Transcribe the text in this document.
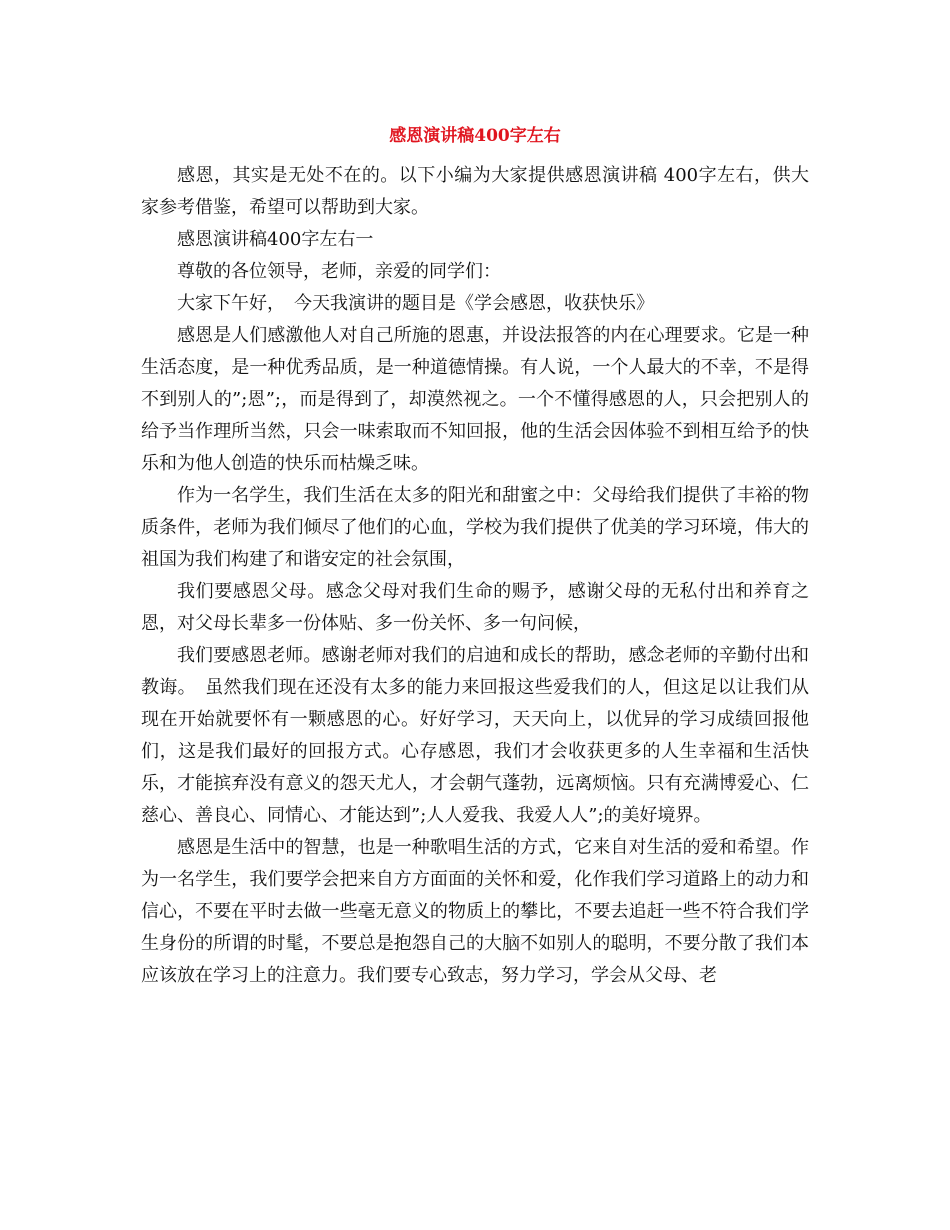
感恩演讲稿400字左右

感恩，其实是无处不在的。以下小编为大家提供感恩演讲稿 400字左右，供大家参考借鉴，希望可以帮助到大家。

感恩演讲稿400字左右一

尊敬的各位领导，老师，亲爱的同学们：

大家下午好，　今天我演讲的题目是《学会感恩，收获快乐》

感恩是人们感激他人对自己所施的恩惠，并设法报答的内在心理要求。它是一种生活态度，是一种优秀品质，是一种道德情操。有人说，一个人最大的不幸，不是得不到别人的”;恩”;，而是得到了，却漠然视之。一个不懂得感恩的人，只会把别人的给予当作理所当然，只会一味索取而不知回报，他的生活会因体验不到相互给予的快乐和为他人创造的快乐而枯燥乏味。

作为一名学生，我们生活在太多的阳光和甜蜜之中：父母给我们提供了丰裕的物质条件，老师为我们倾尽了他们的心血，学校为我们提供了优美的学习环境，伟大的祖国为我们构建了和谐安定的社会氛围，

我们要感恩父母。感念父母对我们生命的赐予，感谢父母的无私付出和养育之恩，对父母长辈多一份体贴、多一份关怀、多一句问候，

我们要感恩老师。感谢老师对我们的启迪和成长的帮助，感念老师的辛勤付出和教诲。　虽然我们现在还没有太多的能力来回报这些爱我们的人，但这足以让我们从现在开始就要怀有一颗感恩的心。好好学习，天天向上，以优异的学习成绩回报他们，这是我们最好的回报方式。心存感恩，我们才会收获更多的人生幸福和生活快乐，才能摈弃没有意义的怨天尤人，才会朝气蓬勃，远离烦恼。只有充满博爱心、仁慈心、善良心、同情心、才能达到”;人人爱我、我爱人人”;的美好境界。

感恩是生活中的智慧，也是一种歌唱生活的方式，它来自对生活的爱和希望。作为一名学生，我们要学会把来自方方面面的关怀和爱，化作我们学习道路上的动力和信心，不要在平时去做一些毫无意义的物质上的攀比，不要去追赶一些不符合我们学生身份的所谓的时髦，不要总是抱怨自己的大脑不如别人的聪明，不要分散了我们本应该放在学习上的注意力。我们要专心致志，努力学习，学会从父母、老
